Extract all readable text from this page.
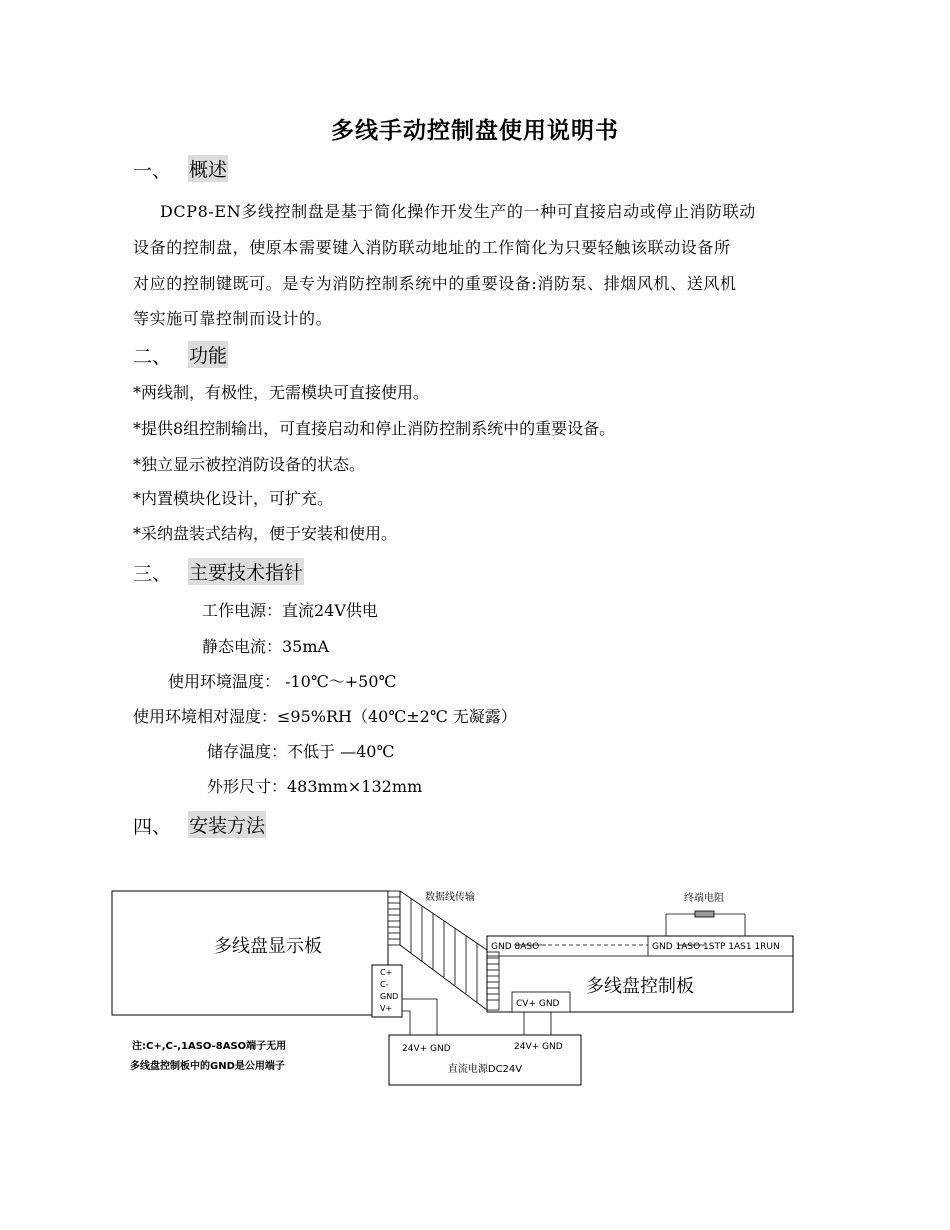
多线手动控制盘使用说明书
一、 概述
DCP8-EN多线控制盘是基于简化操作开发生产的一种可直接启动或停止消防联动
设备的控制盘，使原本需要键入消防联动地址的工作简化为只要轻触该联动设备所
对应的控制键既可。是专为消防控制系统中的重要设备:消防泵、排烟风机、送风机
等实施可靠控制而设计的。
二、 功能
*两线制，有极性，无需模块可直接使用。
*提供8组控制输出，可直接启动和停止消防控制系统中的重要设备。
*独立显示被控消防设备的状态。
*内置模块化设计，可扩充。
*采纳盘装式结构，便于安装和使用。
三、 主要技术指针
工作电源：直流24V供电
静态电流：35mA
使用环境温度： -10℃～+50℃
使用环境相对湿度：≤95%RH（40℃±2℃ 无凝露）
储存温度：不低于 —40℃
外形尺寸：483mm×132mm
四、 安装方法
多线盘显示板
C+
C-
GND
V+
数据线传输
GND 8ASO	GND 1ASO 1STP 1AS1 1RUN
多线盘控制板
终端电阻
CV+ GND
24V+ GND	24V+ GND
直流电源DC24V
注:C+,C-,1ASO-8ASO端子无用
多线盘控制板中的GND是公用端子
